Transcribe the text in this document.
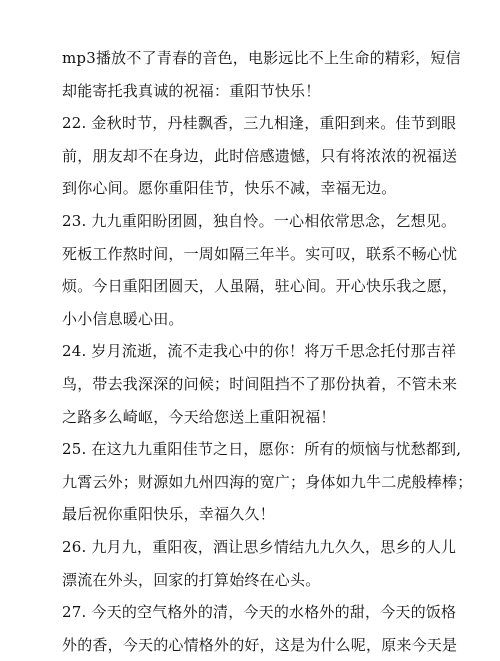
mp3播放不了青春的音色，电影远比不上生命的精彩，短信
却能寄托我真诚的祝福：重阳节快乐！
22. 金秋时节，丹桂飘香，三九相逢，重阳到来。佳节到眼
前，朋友却不在身边，此时倍感遗憾，只有将浓浓的祝福送
到你心间。愿你重阳佳节，快乐不减，幸福无边。
23. 九九重阳盼团圆，独自怜。一心相依常思念，乞想见。
死板工作熬时间，一周如隔三年半。实可叹，联系不畅心忧
烦。今日重阳团圆天，人虽隔，驻心间。开心快乐我之愿，
小小信息暖心田。
24. 岁月流逝，流不走我心中的你！将万千思念托付那吉祥
鸟，带去我深深的问候；时间阻挡不了那份执着，不管未来
之路多么崎岖，今天给您送上重阳祝福！
25. 在这九九重阳佳节之日，愿你：所有的烦恼与忧愁都到,
九霄云外；财源如九州四海的宽广；身体如九牛二虎般棒棒；
最后祝你重阳快乐，幸福久久！
26. 九月九，重阳夜，酒让思乡情结九九久久，思乡的人儿
漂流在外头，回家的打算始终在心头。
27. 今天的空气格外的清，今天的水格外的甜，今天的饭格
外的香，今天的心情格外的好，这是为什么呢，原来今天是
